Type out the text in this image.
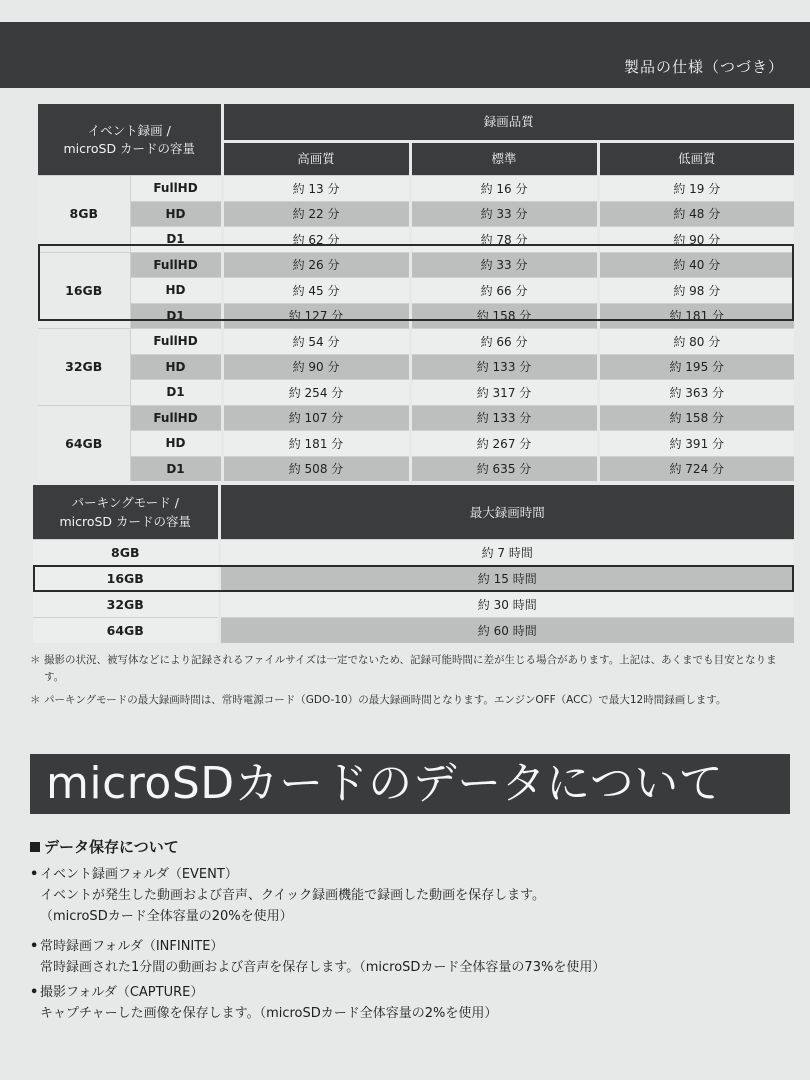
製品の仕様（つづき）
イベント録画 /
microSD カードの容量		録画品質		
		高画質	標準	低画質
8GB	FullHD	約 13 分	約 16 分	約 19 分
	HD	約 22 分	約 33 分	約 48 分
	D1	約 62 分	約 78 分	約 90 分
16GB	FullHD	約 26 分	約 33 分	約 40 分
	HD	約 45 分	約 66 分	約 98 分
	D1	約 127 分	約 158 分	約 181 分
32GB	FullHD	約 54 分	約 66 分	約 80 分
	HD	約 90 分	約 133 分	約 195 分
	D1	約 254 分	約 317 分	約 363 分
64GB	FullHD	約 107 分	約 133 分	約 158 分
	HD	約 181 分	約 267 分	約 391 分
	D1	約 508 分	約 635 分	約 724 分
パーキングモード /
microSD カードの容量	最大録画時間
8GB	約 7 時間
16GB	約 15 時間
32GB	約 30 時間
64GB	約 60 時間
＊ 撮影の状況、被写体などにより記録されるファイルサイズは一定でないため、記録可能時間に差が生じる場合があります。上記は、あくまでも目安となります。
＊ パーキングモードの最大録画時間は、常時電源コード（GDO-10）の最大録画時間となります。エンジンOFF（ACC）で最大12時間録画します。
microSDカードのデータについて
データ保存について
• イベント録画フォルダ（EVENT）
イベントが発生した動画および音声、クイック録画機能で録画した動画を保存します。
（microSDカード全体容量の20%を使用）
• 常時録画フォルダ（INFINITE）
常時録画された1分間の動画および音声を保存します。（microSDカード全体容量の73%を使用）
• 撮影フォルダ（CAPTURE）
キャプチャーした画像を保存します。（microSDカード全体容量の2%を使用）
